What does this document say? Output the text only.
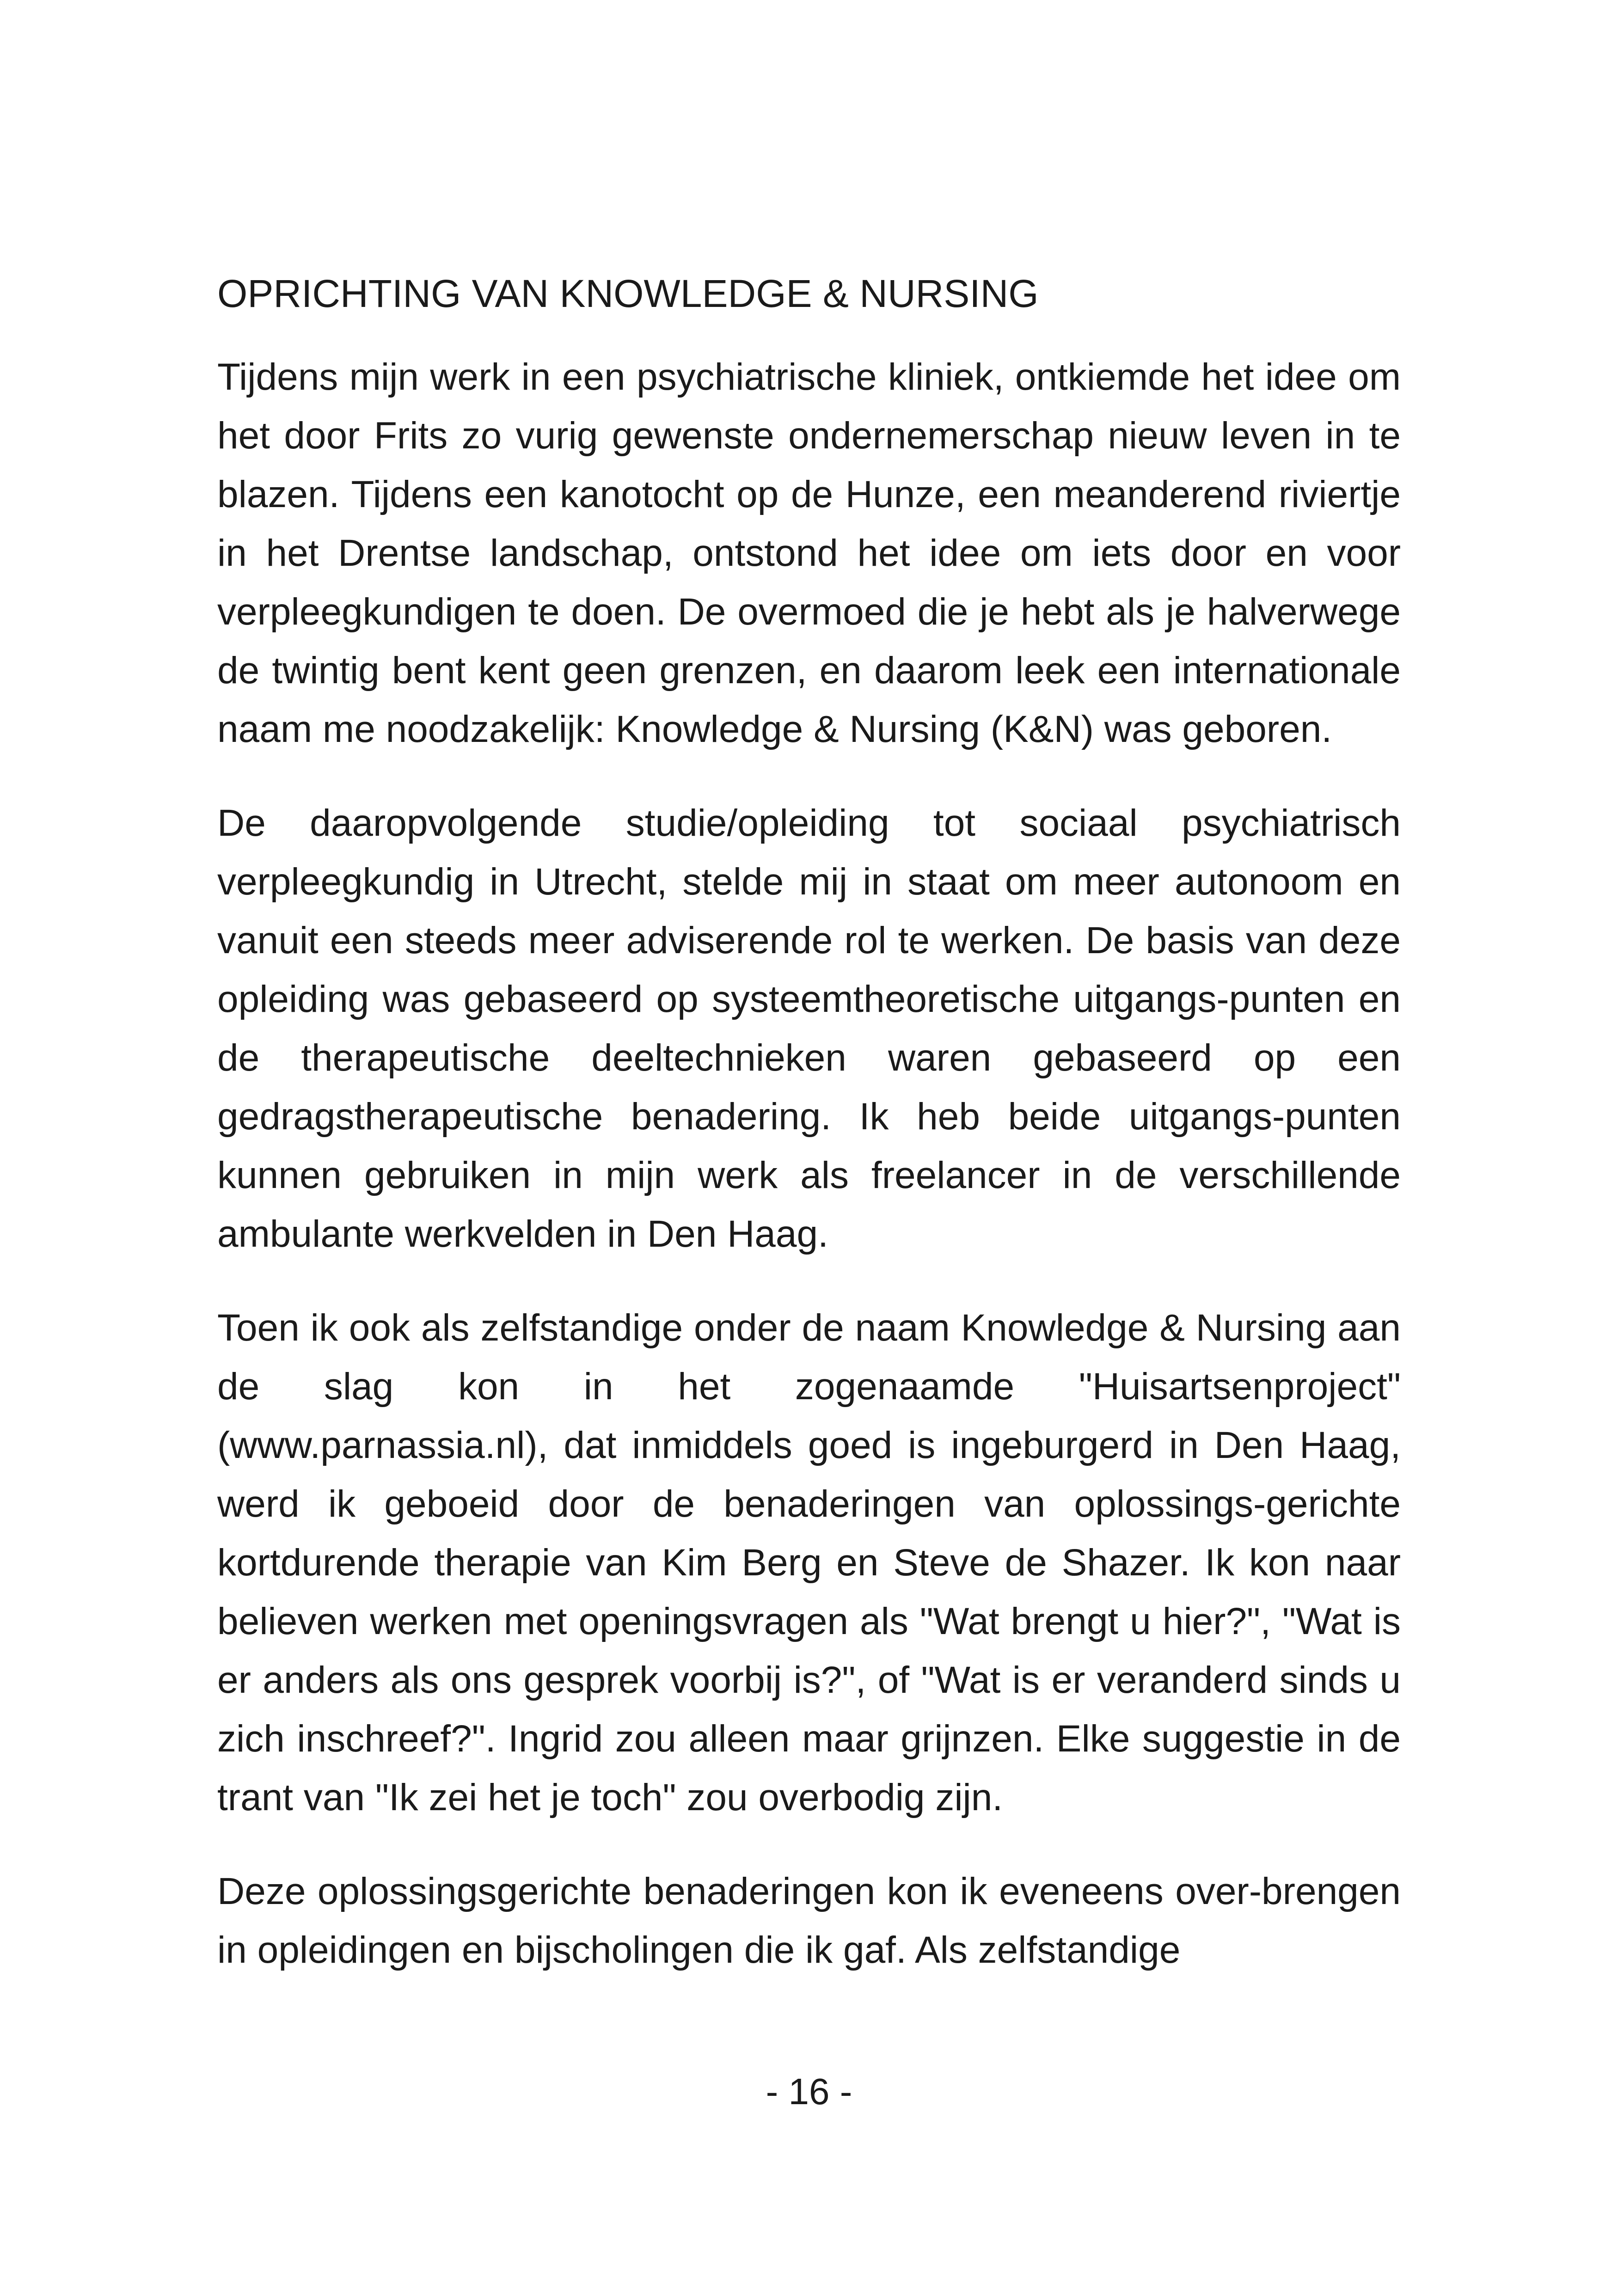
OPRICHTING VAN KNOWLEDGE & NURSING

Tijdens mijn werk in een psychiatrische kliniek, ontkiemde het idee om het door Frits zo vurig gewenste ondernemerschap nieuw leven in te blazen. Tijdens een kanotocht op de Hunze, een meanderend riviertje in het Drentse landschap, ontstond het idee om iets door en voor verpleegkundigen te doen. De overmoed die je hebt als je halverwege de twintig bent kent geen grenzen, en daarom leek een internationale naam me noodzakelijk: Knowledge & Nursing (K&N) was geboren.

De daaropvolgende studie/opleiding tot sociaal psychiatrisch verpleegkundig in Utrecht, stelde mij in staat om meer autonoom en vanuit een steeds meer adviserende rol te werken. De basis van deze opleiding was gebaseerd op systeemtheoretische uitgangs-punten en de therapeutische deeltechnieken waren gebaseerd op een gedragstherapeutische benadering. Ik heb beide uitgangs-punten kunnen gebruiken in mijn werk als freelancer in de verschillende ambulante werkvelden in Den Haag.

Toen ik ook als zelfstandige onder de naam Knowledge & Nursing aan de slag kon in het zogenaamde "Huisartsenproject" (www.parnassia.nl), dat inmiddels goed is ingeburgerd in Den Haag, werd ik geboeid door de benaderingen van oplossings-gerichte kortdurende therapie van Kim Berg en Steve de Shazer. Ik kon naar believen werken met openingsvragen als "Wat brengt u hier?", "Wat is er anders als ons gesprek voorbij is?", of "Wat is er veranderd sinds u zich inschreef?". Ingrid zou alleen maar grijnzen. Elke suggestie in de trant van "Ik zei het je toch" zou overbodig zijn.

Deze oplossingsgerichte benaderingen kon ik eveneens over-brengen in opleidingen en bijscholingen die ik gaf. Als zelfstandige

- 16 -
